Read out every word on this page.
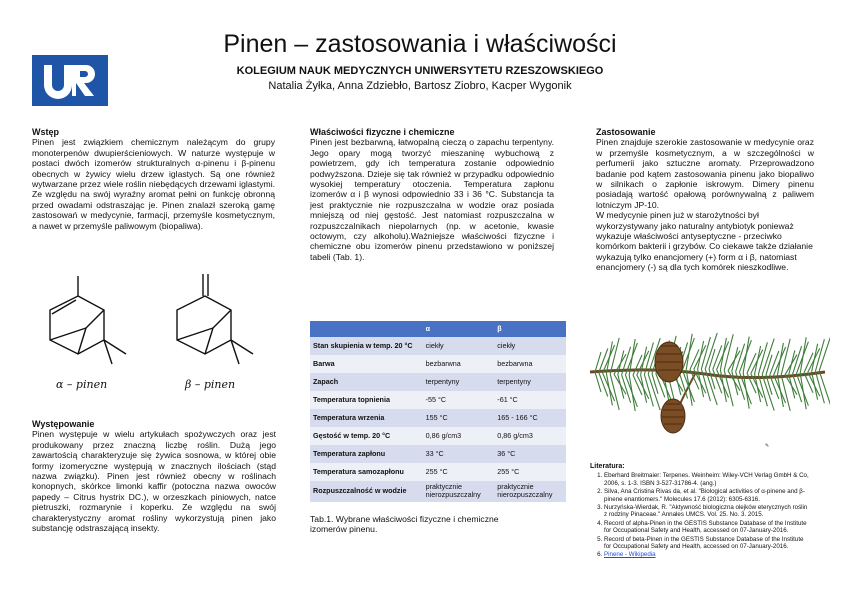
Pinen – zastosowania i właściwości
KOLEGIUM NAUK MEDYCZNYCH UNIWERSYTETU RZESZOWSKIEGO
Natalia Żyłka, Anna Zdziebło, Bartosz Ziobro, Kacper Wygonik
Wstęp

Pinen jest związkiem chemicznym należącym do grupy monoterpenów dwupierścieniowych. W naturze występuje w postaci dwóch izomerów strukturalnych α-pinenu i β-pinenu obecnych w żywicy wielu drzew iglastych. Są one również wytwarzane przez wiele roślin niebędących drzewami iglastymi. Ze względu na swój wyraźny aromat pełni on funkcję obronną przed owadami odstraszając je. Pinen znalazł szeroką gamę zastosowań w medycynie, farmacji, przemyśle kosmetycznym, a nawet w przemyśle paliwowym (biopaliwa).

α – pinen	β – pinen
Występowanie

Pinen występuje w wielu artykułach spożywczych oraz jest produkowany przez znaczną liczbę roślin. Dużą jego zawartością charakteryzuje się żywica sosnowa, w której obie formy izomeryczne występują w znacznych ilościach (stąd nazwa związku). Pinen jest również obecny w roślinach konopnych, skórkce limonki kaffir (potoczna nazwa owoców papedy – Citrus hystrix DC.), w orzeszkach piniowych, natce pietruszki, rozmarynie i koperku. Ze względu na swój charakterystyczny aromat rośliny wykorzystują pinen jako substancję odstraszającą insekty.

Właściwości fizyczne i chemiczne

Pinen jest bezbarwną, łatwopalną cieczą o zapachu terpentyny. Jego opary mogą tworzyć mieszaninę wybuchową z powietrzem, gdy ich temperatura zostanie odpowiednio podwyższona. Dzieje się tak również w przypadku odpowiednio wysokiej temperatury otoczenia. Temperatura zapłonu izomerów α i β wynosi odpowiednio 33 i 36 °C. Substancja ta jest praktycznie nie rozpuszczalna w wodzie oraz posiada mniejszą od niej gęstość. Jest natomiast rozpuszczalna w rozpuszczalnikach niepolarnych (np. w acetonie, kwasie octowym, czy alkoholu).Ważniejsze właściwości fizyczne i chemiczne obu izomerów pinenu przedstawiono w poniższej tabeli (Tab. 1).

	α	β
Stan skupienia w temp. 20 °C	ciekły	ciekły
Barwa	bezbarwna	bezbarwna
Zapach	terpentyny	terpentyny
Temperatura topnienia	-55 °C	-61 °C
Temperatura wrzenia	155 °C	165 - 166 °C
Gęstość w temp. 20 °C	0,86 g/cm3	0,86 g/cm3
Temperatura zapłonu	33 °C	36 °C
Temperatura samozapłonu	255 °C	255 °C
Rozpuszczalność w wodzie	praktycznie nierozpuszczalny	praktycznie nierozpuszczalny
Tab.1. Wybrane właściwości fizyczne i chemiczne izomerów pinenu.
Zastosowanie

Pinen znajduje szerokie zastosowanie w medycynie oraz w przemyśle kosmetycznym, a w szczególności w perfumerii jako sztuczne aromaty. Przeprowadzono badanie pod kątem zastosowania pinenu jako biopaliwo w silnikach o zapłonie iskrowym. Dimery pinenu posiadają wartość opałową porównywalną z paliwem lotniczym JP-10.

W medycynie pinen już w starożytności był wykorzystywany jako naturalny antybiotyk ponieważ wykazuje właściwości antyseptyczne - przeciwko komórkom bakterii i grzybów. Co ciekawe także działanie wykazują tylko enancjomery (+) form α i β, natomiast enancjomery (-) są dla tych komórek nieszkodliwe.

✎
Literatura:
1. Eberhard Breitmaier: Terpenes. Weinheim: Wiley-VCH Verlag GmbH & Co, 2006, s. 1-3. ISBN 3-527-31786-4. (ang.)
2. Silva, Ana Cristina Rivas da, et al. "Biological activities of α-pinene and β-pinene enantiomers." Molecules 17.6 (2012): 6305-6316.
3. Nurzyńska-Wierdak, R. "Aktywność biologiczna olejków eterycznych roślin z rodziny Pinaceae." Annales UMCS. Vol. 25. No. 3. 2015.
4. Record of alpha-Pinen in the GESTIS Substance Database of the Institute for Occupational Safety and Health, accessed on 07-January-2016.
5. Record of beta-Pinen in the GESTIS Substance Database of the Institute for Occupational Safety and Health, accessed on 07-January-2016.
6. Pinene - Wikipedia
